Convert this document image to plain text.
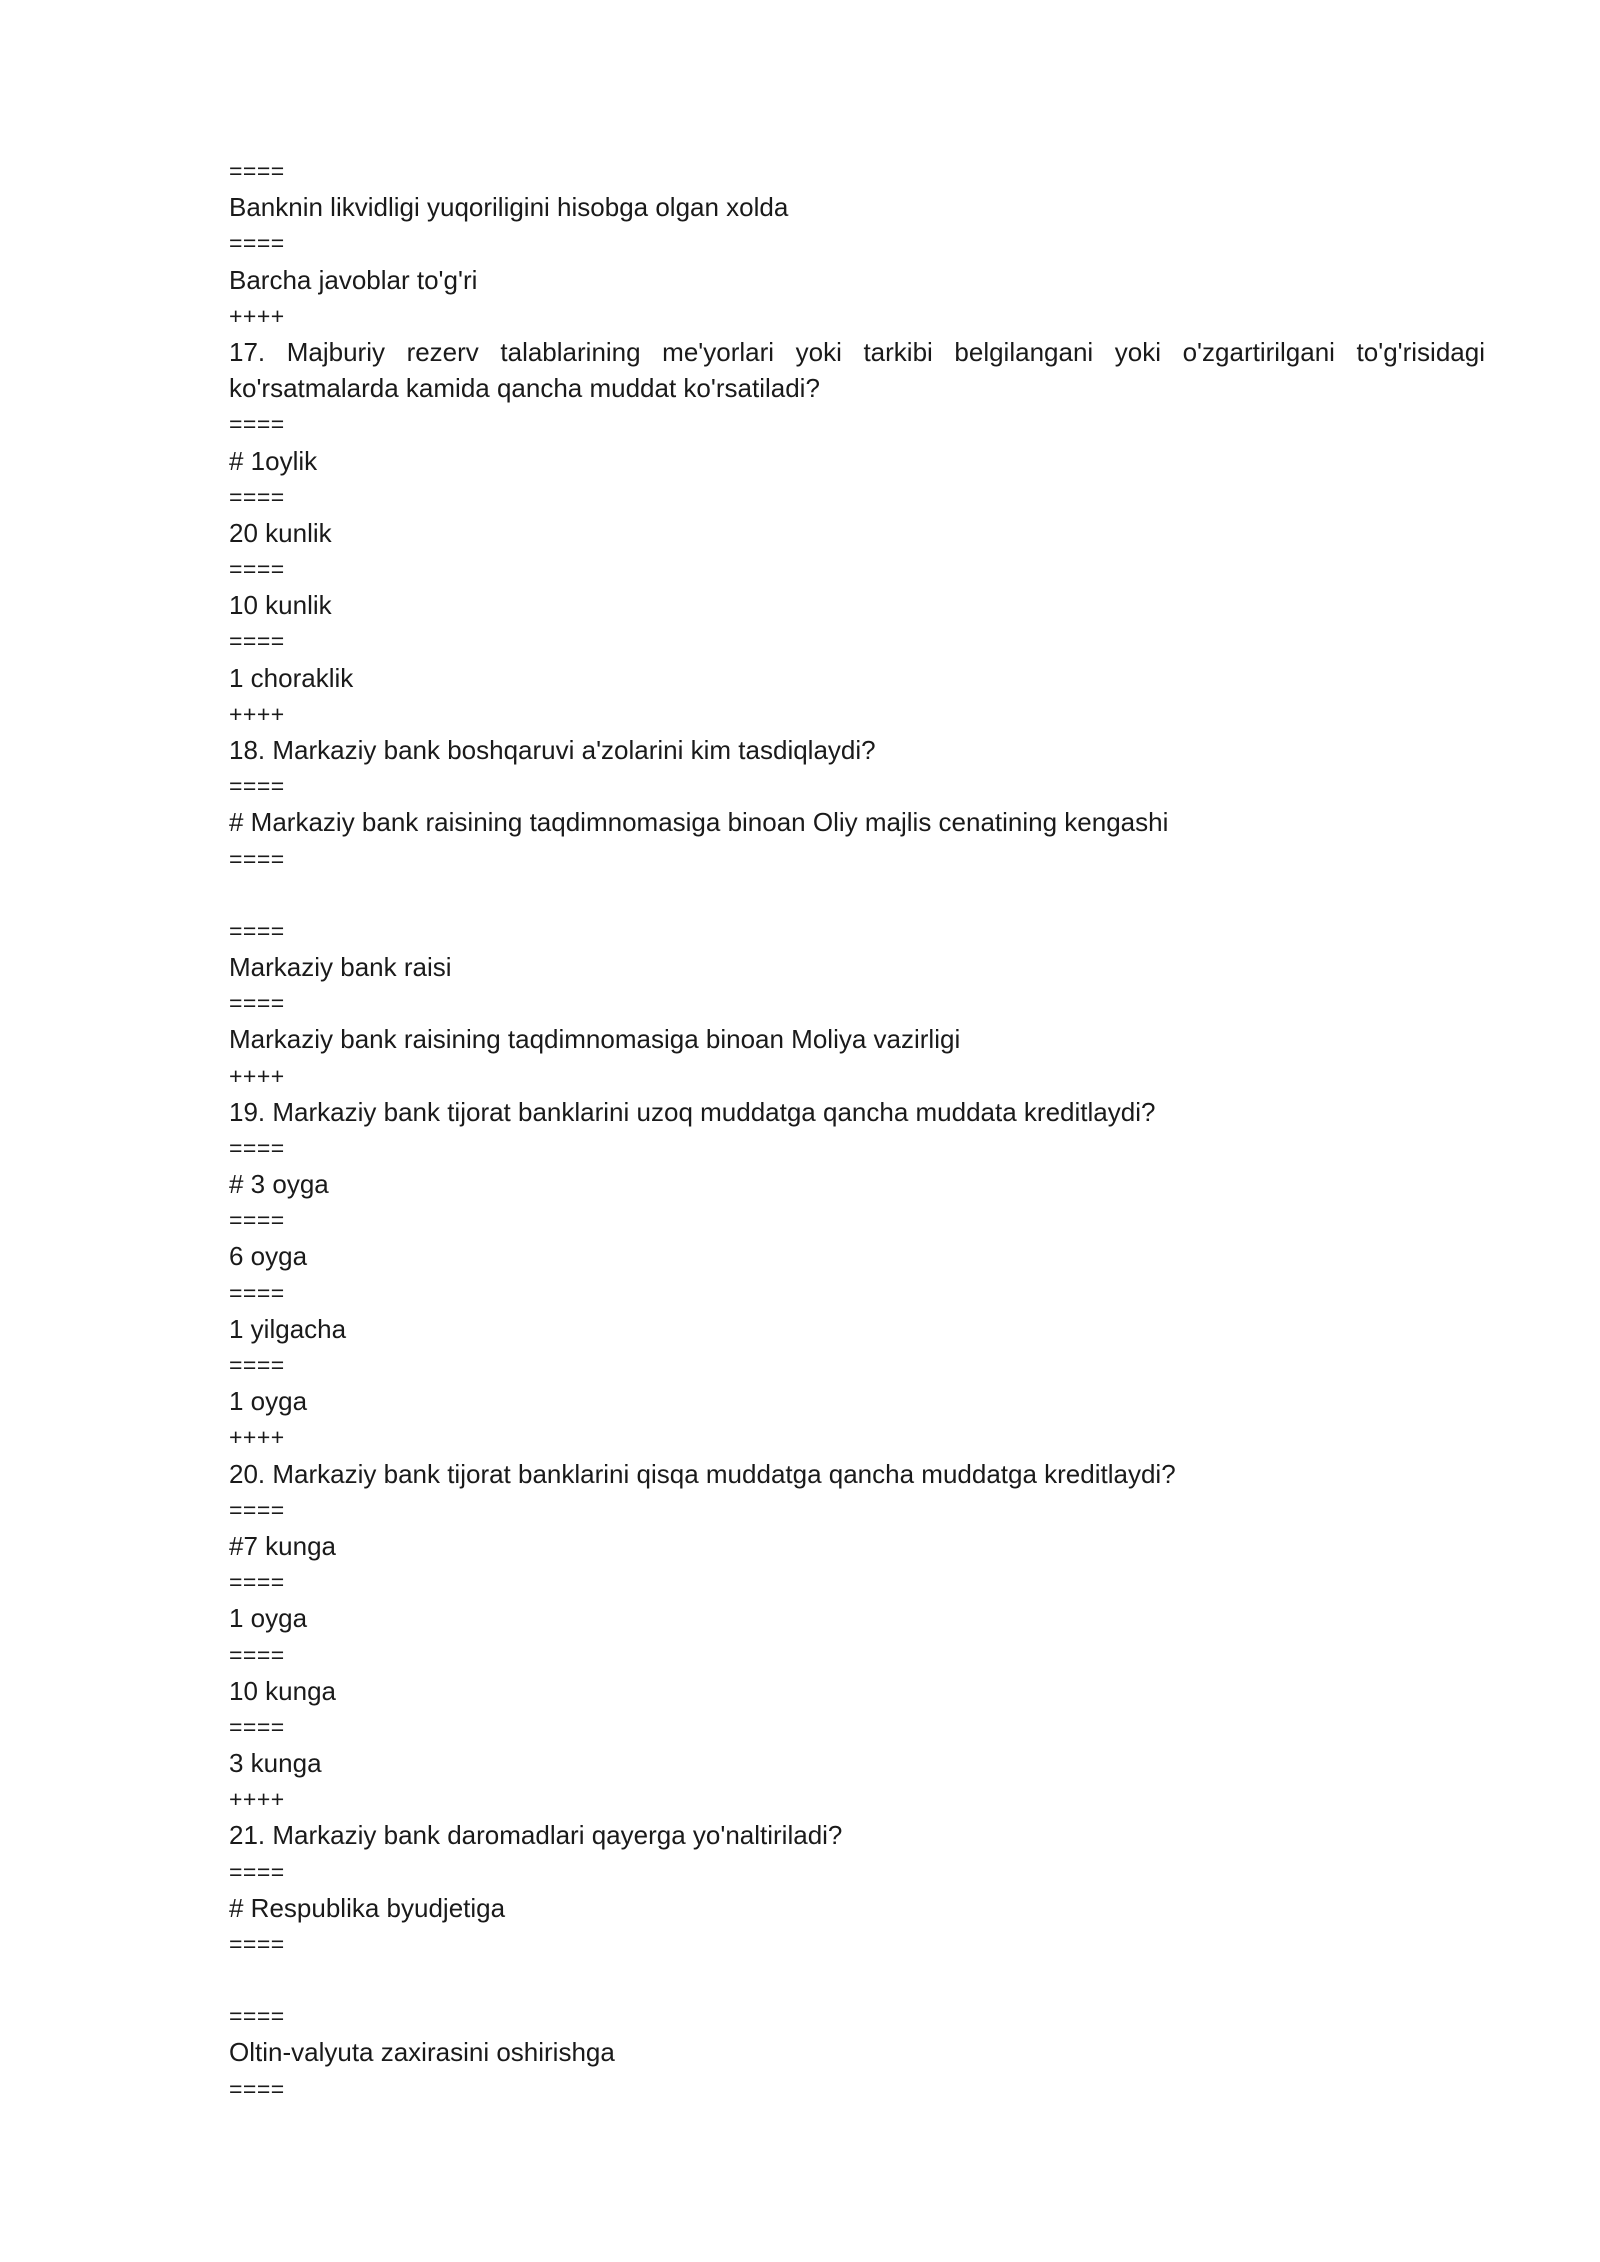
====
Banknin likvidligi yuqoriligini hisobga olgan xolda
====
Barcha javoblar to'g'ri
++++
17. Majburiy rezerv talablarining me'yorlari yoki tarkibi belgilangani yoki o'zgartirilgani to'g'risidagi ko'rsatmalarda kamida qancha muddat ko'rsatiladi?
====
# 1oylik
====
20 kunlik
====
10 kunlik
====
1 choraklik
++++
18. Markaziy bank boshqaruvi a'zolarini kim tasdiqlaydi?
====
# Markaziy bank raisining taqdimnomasiga binoan Oliy majlis cenatining kengashi
====
====
Markaziy bank raisi
====
Markaziy bank raisining taqdimnomasiga binoan Moliya vazirligi
++++
19. Markaziy bank tijorat banklarini uzoq muddatga qancha muddata kreditlaydi?
====
# 3 oyga
====
6 oyga
====
1 yilgacha
====
1 oyga
++++
20. Markaziy bank tijorat banklarini qisqa muddatga qancha muddatga kreditlaydi?
====
#7 kunga
====
1 oyga
====
10 kunga
====
3 kunga
++++
21. Markaziy bank daromadlari qayerga yo'naltiriladi?
====
# Respublika byudjetiga
====
====
Oltin-valyuta zaxirasini oshirishga
====
